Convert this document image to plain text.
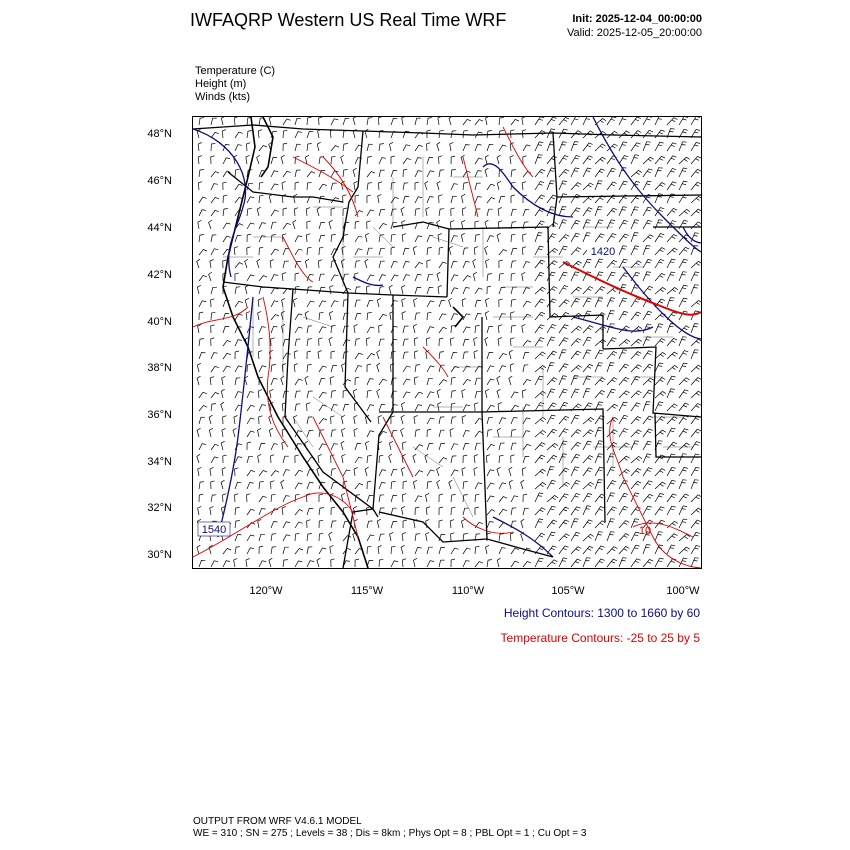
IWFAQRP Western US Real Time WRF	Init: 2025-12-04_00:00:00
Valid: 2025-12-05_20:00:00
Temperature (C)
Height (m)
Winds (kts)
48°N
46°N
44°N
42°N
40°N
38°N
36°N
34°N
32°N
30°N
120°W	115°W	110°W	105°W	100°W
1540
1420
10
Height Contours: 1300 to 1660 by 60
Temperature Contours: -25 to 25 by 5
OUTPUT FROM WRF V4.6.1 MODEL
WE = 310 ; SN = 275 ; Levels = 38 ; Dis = 8km ; Phys Opt = 8 ; PBL Opt = 1 ; Cu Opt = 3
